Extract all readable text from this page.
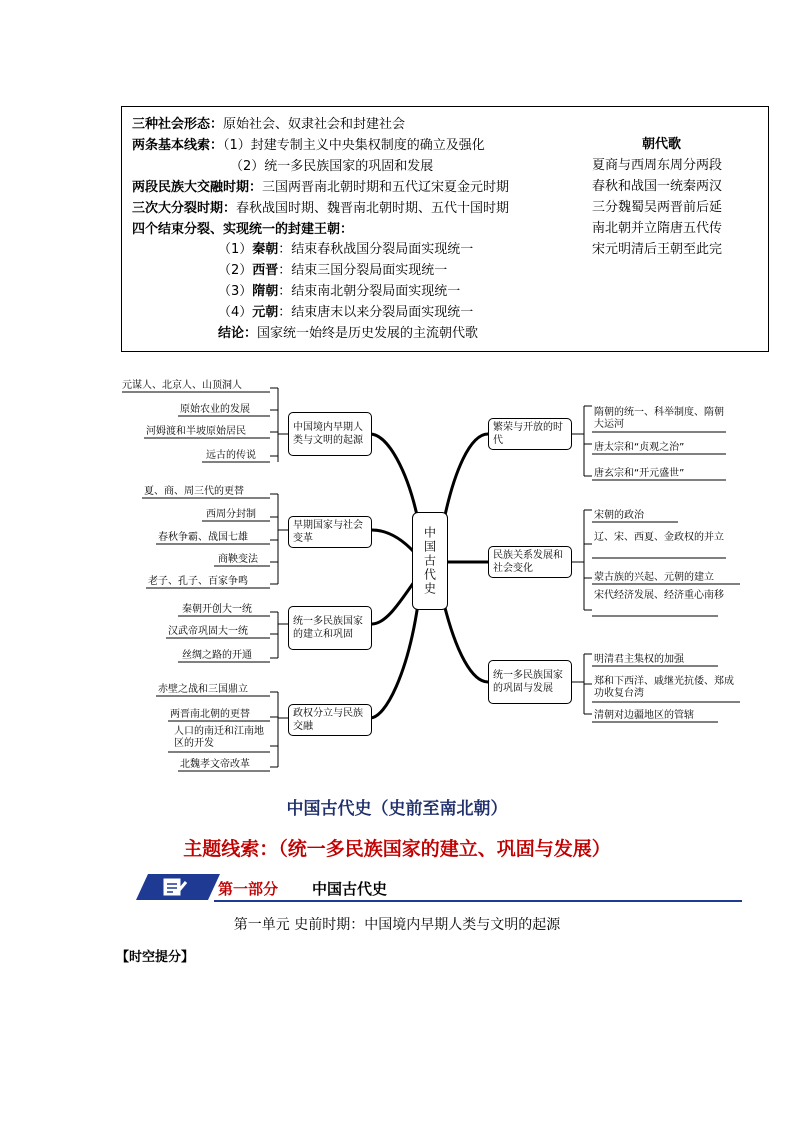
三种社会形态：原始社会、奴隶社会和封建社会
两条基本线索：（1）封建专制主义中央集权制度的确立及强化
（2）统一多民族国家的巩固和发展
两段民族大交融时期：三国两晋南北朝时期和五代辽宋夏金元时期
三次大分裂时期：春秋战国时期、魏晋南北朝时期、五代十国时期
四个结束分裂、实现统一的封建王朝：
（1）秦朝：结束春秋战国分裂局面实现统一
（2）西晋：结束三国分裂局面实现统一
（3）隋朝：结束南北朝分裂局面实现统一
（4）元朝：结束唐末以来分裂局面实现统一
结论：国家统一始终是历史发展的主流朝代歌
朝代歌
夏商与西周东周分两段
春秋和战国一统秦两汉
三分魏蜀吴两晋前后延
南北朝并立隋唐五代传
宋元明清后王朝至此完
中国古代史
中国境内早期人类与文明的起源
早期国家与社会变革
统一多民族国家的建立和巩固
政权分立与民族交融
元谋人、北京人、山顶洞人
原始农业的发展
河姆渡和半坡原始居民
远古的传说
夏、商、周三代的更替
西周分封制
春秋争霸、战国七雄
商鞅变法
老子、孔子、百家争鸣
秦朝开创大一统
汉武帝巩固大一统
丝绸之路的开通
赤壁之战和三国鼎立
两晋南北朝的更替
人口的南迁和江南地区的开发
北魏孝文帝改革
繁荣与开放的时代
民族关系发展和社会变化
统一多民族国家的巩固与发展
隋朝的统一、科举制度、隋朝大运河
唐太宗和“贞观之治”
唐玄宗和“开元盛世”
宋朝的政治
辽、宋、西夏、金政权的并立
蒙古族的兴起、元朝的建立
宋代经济发展、经济重心南移
明清君主集权的加强
郑和下西洋、戚继光抗倭、郑成功收复台湾
清朝对边疆地区的管辖
中国古代史（史前至南北朝）
主题线索：（统一多民族国家的建立、巩固与发展）
第一部分 中国古代史
第一单元 史前时期：中国境内早期人类与文明的起源
【时空提分】
